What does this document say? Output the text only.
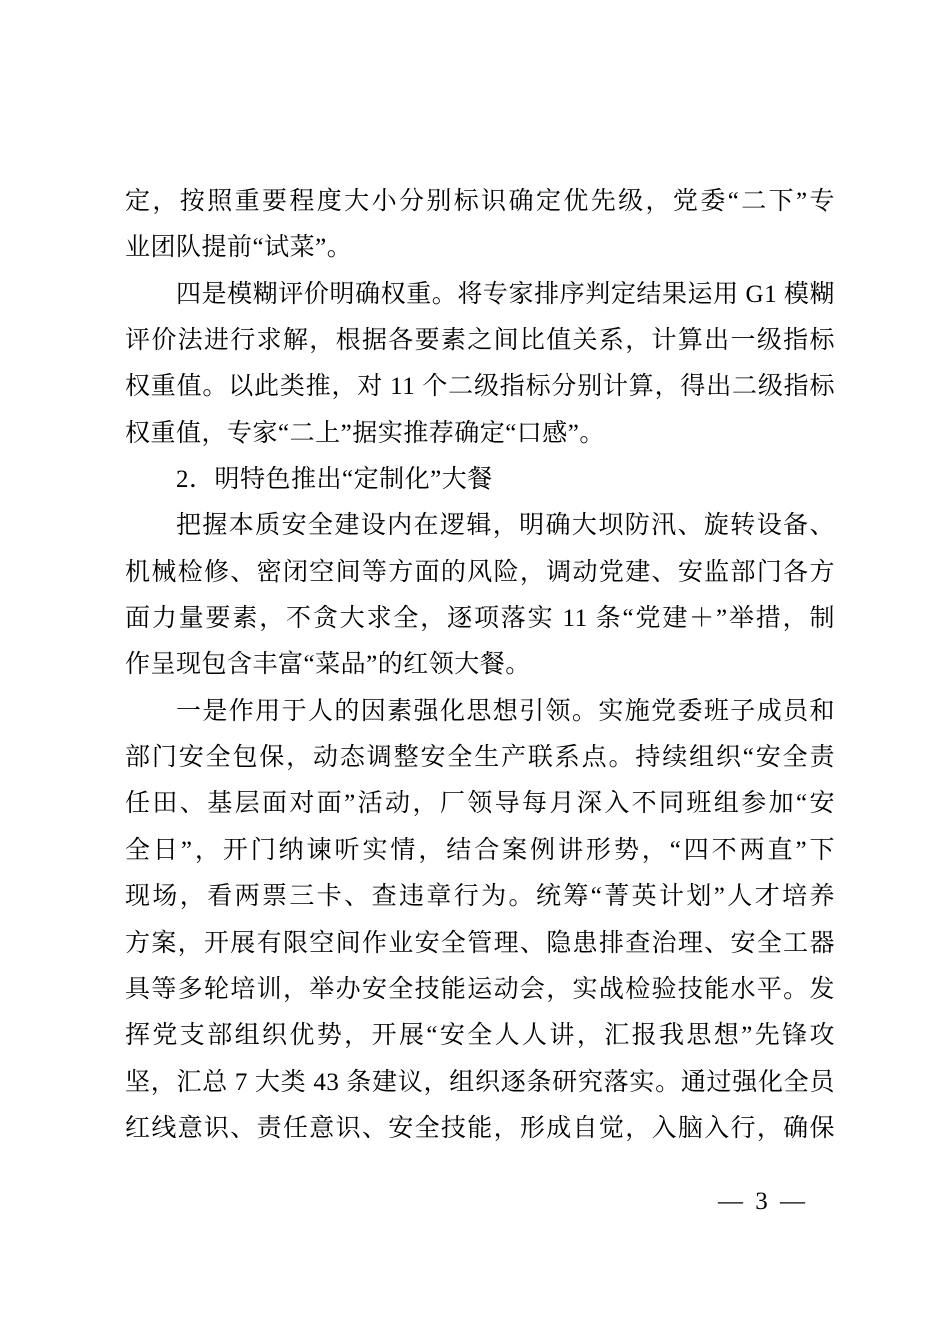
定，按照重要程度大小分别标识确定优先级，党委“二下”专
业团队提前“试菜”。
四是模糊评价明确权重。将专家排序判定结果运用 G1 模糊
评价法进行求解，根据各要素之间比值关系，计算出一级指标
权重值。以此类推，对 11 个二级指标分别计算，得出二级指标
权重值，专家“二上”据实推荐确定“口感”。
2．明特色推出“定制化”大餐
把握本质安全建设内在逻辑，明确大坝防汛、旋转设备、
机械检修、密闭空间等方面的风险，调动党建、安监部门各方
面力量要素，不贪大求全，逐项落实 11 条“党建＋”举措，制
作呈现包含丰富“菜品”的红领大餐。
一是作用于人的因素强化思想引领。实施党委班子成员和
部门安全包保，动态调整安全生产联系点。持续组织“安全责
任田、基层面对面”活动，厂领导每月深入不同班组参加“安
全日”，开门纳谏听实情，结合案例讲形势，“四不两直”下
现场，看两票三卡、查违章行为。统筹“菁英计划”人才培养
方案，开展有限空间作业安全管理、隐患排查治理、安全工器
具等多轮培训，举办安全技能运动会，实战检验技能水平。发
挥党支部组织优势，开展“安全人人讲，汇报我思想”先锋攻
坚，汇总 7 大类 43 条建议，组织逐条研究落实。通过强化全员
红线意识、责任意识、安全技能，形成自觉，入脑入行，确保
— 3 —
